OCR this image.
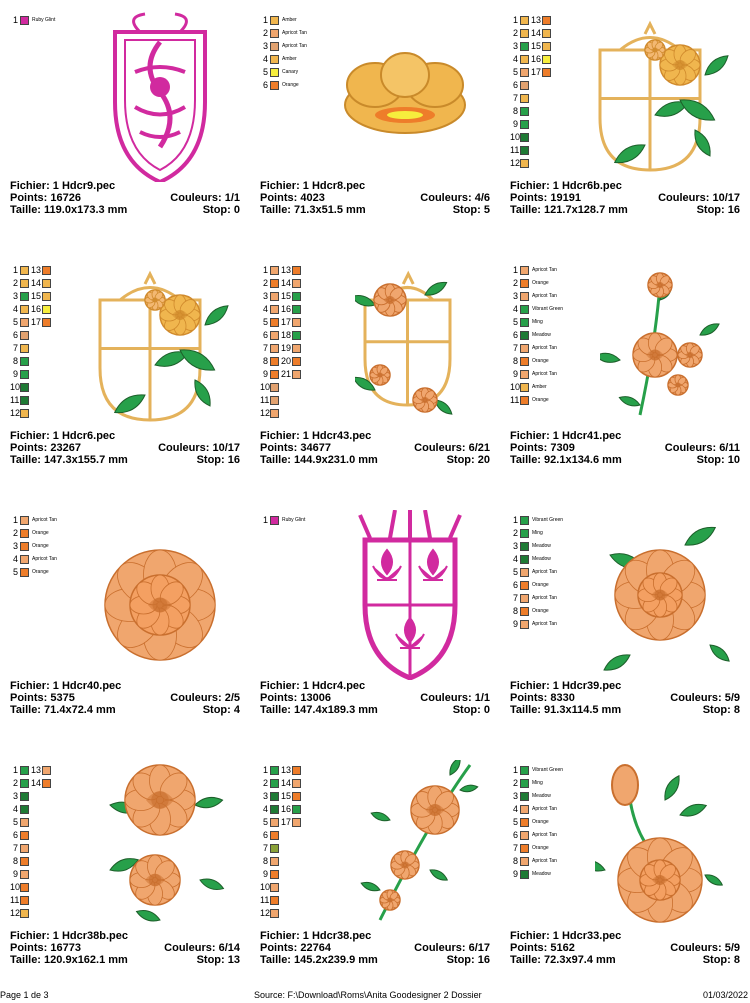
1	Ruby Glint
Fichier: 1 Hdcr9.pec
Points: 16726	Couleurs: 1/1
Taille: 119.0x173.3 mm	Stop: 0
1	Amber
2	Apricot Tan
3	Apricot Tan
4	Amber
5	Canary
6	Orange
Fichier: 1 Hdcr8.pec
Points: 4023	Couleurs: 4/6
Taille: 71.3x51.5 mm	Stop: 5
1 13
2 14
3 15
4 16
5 17
6
7
8
9
10
11
12
Fichier: 1 Hdcr6b.pec
Points: 19191	Couleurs: 10/17
Taille: 121.7x128.7 mm	Stop: 16
1 13
2 14
3 15
4 16
5 17
6
7
8
9
10
11
12
Fichier: 1 Hdcr6.pec
Points: 23267	Couleurs: 10/17
Taille: 147.3x155.7 mm	Stop: 16
1 13
2 14
3 15
4 16
5 17
6 18
7 19
8 20
9 21
10
11
12
Fichier: 1 Hdcr43.pec
Points: 34677	Couleurs: 6/21
Taille: 144.9x231.0 mm	Stop: 20
1	Apricot Tan
2	Orange
3	Apricot Tan
4	Vibrant Green
5	Ming
6	Meadow
7	Apricot Tan
8	Orange
9	Apricot Tan
10 Amber
11	Orange
Fichier: 1 Hdcr41.pec
Points: 7309	Couleurs: 6/11
Taille: 92.1x134.6 mm	Stop: 10
1	Apricot Tan
2	Orange
3	Orange
4	Apricot Tan
5	Orange
Fichier: 1 Hdcr40.pec
Points: 5375	Couleurs: 2/5
Taille: 71.4x72.4 mm	Stop: 4
1	Ruby Glint
Fichier: 1 Hdcr4.pec
Points: 13006	Couleurs: 1/1
Taille: 147.4x189.3 mm	Stop: 0
1	Vibrant Green
2	Ming
3	Meadow
4	Meadow
5	Apricot Tan
6	Orange
7	Apricot Tan
8	Orange
9	Apricot Tan
Fichier: 1 Hdcr39.pec
Points: 8330	Couleurs: 5/9
Taille: 91.3x114.5 mm	Stop: 8
1 13
2 14
3
4
5
6
7
8
9
10
11
12
Fichier: 1 Hdcr38b.pec
Points: 16773	Couleurs: 6/14
Taille: 120.9x162.1 mm	Stop: 13
1 13
2 14
3 15
4 16
5 17
6
7
8
9
10
11
12
Fichier: 1 Hdcr38.pec
Points: 22764	Couleurs: 6/17
Taille: 145.2x239.9 mm	Stop: 16
1	Vibrant Green
2	Ming
3	Meadow
4	Apricot Tan
5	Orange
6	Apricot Tan
7	Orange
8	Apricot Tan
9	Meadow
Fichier: 1 Hdcr33.pec
Points: 5162	Couleurs: 5/9
Taille: 72.3x97.4 mm	Stop: 8
Page 1 de 3	Source: F:\Download\Roms\Anita Goodesigner 2 Dossier	01/03/2022
